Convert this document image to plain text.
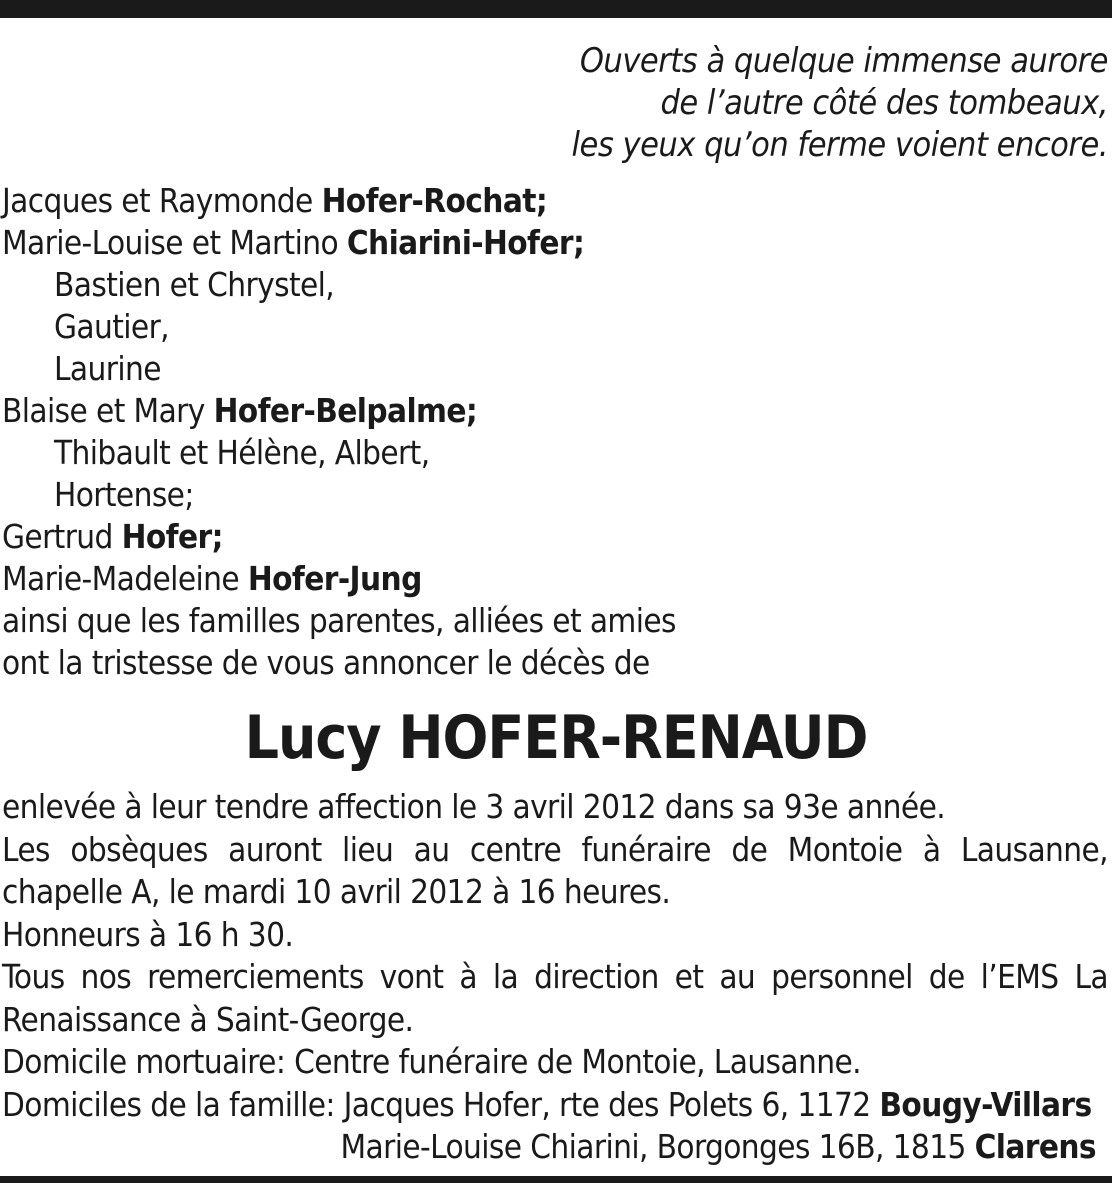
Ouverts à quelque immense aurore
de l’autre côté des tombeaux,
les yeux qu’on ferme voient encore.
Jacques et Raymonde Hofer-Rochat;
Marie-Louise et Martino Chiarini-Hofer;
Bastien et Chrystel,
Gautier,
Laurine
Blaise et Mary Hofer-Belpalme;
Thibault et Hélène, Albert,
Hortense;
Gertrud Hofer;
Marie-Madeleine Hofer-Jung
ainsi que les familles parentes, alliées et amies
ont la tristesse de vous annoncer le décès de
Lucy HOFER-RENAUD
enlevée à leur tendre affection le 3 avril 2012 dans sa 93e année.
Les obsèques auront lieu au centre funéraire de Montoie à Lausanne, chapelle A, le mardi 10 avril 2012 à 16 heures.
Honneurs à 16 h 30.
Tous nos remerciements vont à la direction et au personnel de l’EMS La Renaissance à Saint-George.
Domicile mortuaire: Centre funéraire de Montoie, Lausanne.
Domiciles de la famille: Jacques Hofer, rte des Polets 6, 1172 Bougy-Villars
Marie-Louise Chiarini, Borgonges 16B, 1815 Clarens
